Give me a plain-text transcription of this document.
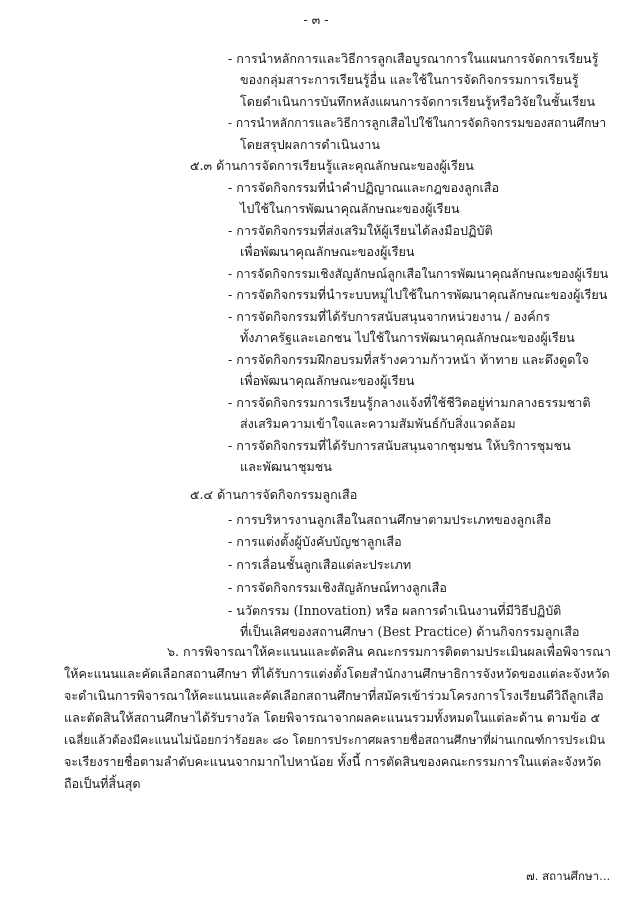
- ๓ -
- การนำหลักการและวิธีการลูกเสือบูรณาการในแผนการจัดการเรียนรู้
ของกลุ่มสาระการเรียนรู้อื่น และใช้ในการจัดกิจกรรมการเรียนรู้
โดยดำเนินการบันทึกหลังแผนการจัดการเรียนรู้หรือวิจัยในชั้นเรียน
- การนำหลักการและวิธีการลูกเสือไปใช้ในการจัดกิจกรรมของสถานศึกษา
โดยสรุปผลการดำเนินงาน
๕.๓ ด้านการจัดการเรียนรู้และคุณลักษณะของผู้เรียน
- การจัดกิจกรรมที่นำคำปฏิญาณและกฎของลูกเสือ
ไปใช้ในการพัฒนาคุณลักษณะของผู้เรียน
- การจัดกิจกรรมที่ส่งเสริมให้ผู้เรียนได้ลงมือปฏิบัติ
เพื่อพัฒนาคุณลักษณะของผู้เรียน
- การจัดกิจกรรมเชิงสัญลักษณ์ลูกเสือในการพัฒนาคุณลักษณะของผู้เรียน
- การจัดกิจกรรมที่นำระบบหมู่ไปใช้ในการพัฒนาคุณลักษณะของผู้เรียน
- การจัดกิจกรรมที่ได้รับการสนับสนุนจากหน่วยงาน / องค์กร
ทั้งภาครัฐและเอกชน ไปใช้ในการพัฒนาคุณลักษณะของผู้เรียน
- การจัดกิจกรรมฝึกอบรมที่สร้างความก้าวหน้า ท้าทาย และดึงดูดใจ
เพื่อพัฒนาคุณลักษณะของผู้เรียน
- การจัดกิจกรรมการเรียนรู้กลางแจ้งที่ใช้ชีวิตอยู่ท่ามกลางธรรมชาติ
ส่งเสริมความเข้าใจและความสัมพันธ์กับสิ่งแวดล้อม
- การจัดกิจกรรมที่ได้รับการสนับสนุนจากชุมชน ให้บริการชุมชน
และพัฒนาชุมชน
๕.๔ ด้านการจัดกิจกรรมลูกเสือ
- การบริหารงานลูกเสือในสถานศึกษาตามประเภทของลูกเสือ
- การแต่งตั้งผู้บังคับบัญชาลูกเสือ
- การเลื่อนชั้นลูกเสือแต่ละประเภท
- การจัดกิจกรรมเชิงสัญลักษณ์ทางลูกเสือ
- นวัตกรรม (Innovation) หรือ ผลการดำเนินงานที่มีวิธีปฏิบัติ
ที่เป็นเลิศของสถานศึกษา (Best Practice) ด้านกิจกรรมลูกเสือ
๖. การพิจารณาให้คะแนนและตัดสิน คณะกรรมการติดตามประเมินผลเพื่อพิจารณา
ให้คะแนนและคัดเลือกสถานศึกษา ที่ได้รับการแต่งตั้งโดยสำนักงานศึกษาธิการจังหวัดของแต่ละจังหวัด
จะดำเนินการพิจารณาให้คะแนนและคัดเลือกสถานศึกษาที่สมัครเข้าร่วมโครงการโรงเรียนดีวิถีลูกเสือ
และตัดสินให้สถานศึกษาได้รับรางวัล โดยพิจารณาจากผลคะแนนรวมทั้งหมดในแต่ละด้าน ตามข้อ ๕
เฉลี่ยแล้วต้องมีคะแนนไม่น้อยกว่าร้อยละ ๘๐ โดยการประกาศผลรายชื่อสถานศึกษาที่ผ่านเกณฑ์การประเมิน
จะเรียงรายชื่อตามลำดับคะแนนจากมากไปหาน้อย ทั้งนี้ การตัดสินของคณะกรรมการในแต่ละจังหวัด
ถือเป็นที่สิ้นสุด
๗. สถานศึกษา...
